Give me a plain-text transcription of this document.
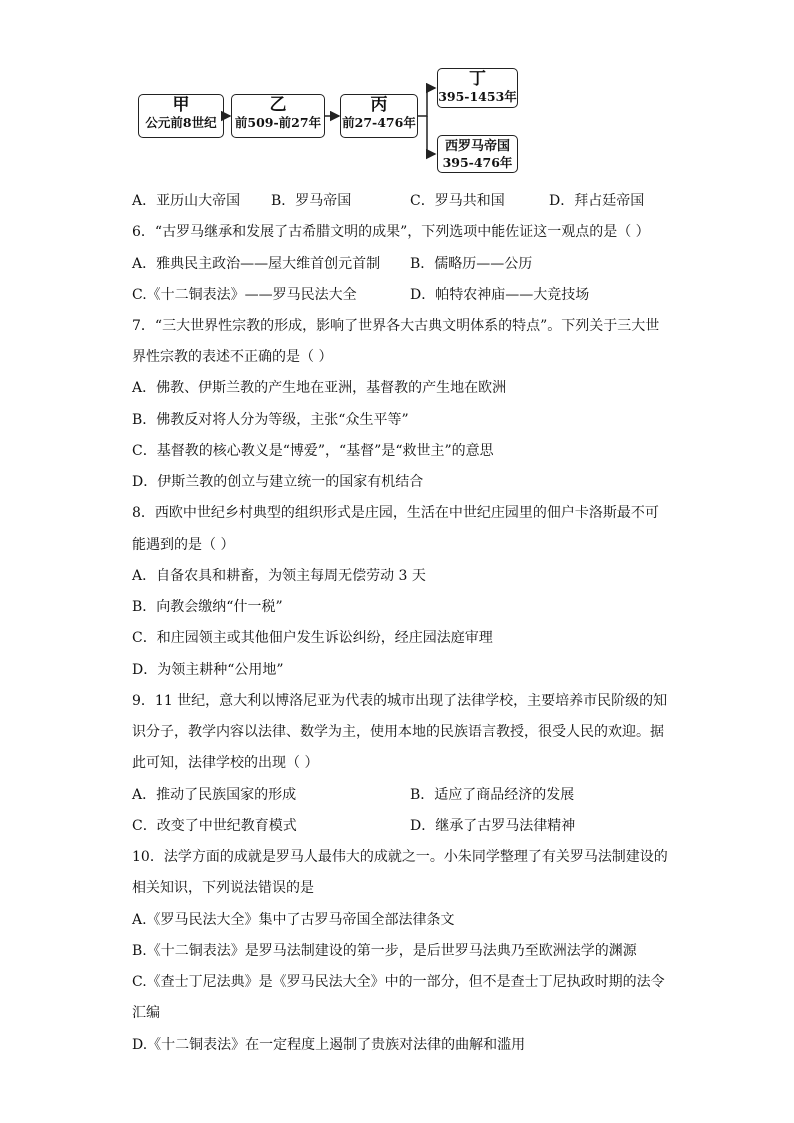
甲
公元前8世纪
乙
前509-前27年
丙
前27-476年
丁
395-1453年
西罗马帝国
395-476年
A．亚历山大帝国 B．罗马帝国	C．罗马共和国	D．拜占廷帝国
6．“古罗马继承和发展了古希腊文明的成果”，下列选项中能佐证这一观点的是（ ）
A．雅典民主政治——屋大维首创元首制 B．儒略历——公历
C.《十二铜表法》——罗马民法大全	D．帕特农神庙——大竞技场
7．“三大世界性宗教的形成，影响了世界各大古典文明体系的特点”。下列关于三大世
界性宗教的表述不正确的是（ ）
A．佛教、伊斯兰教的产生地在亚洲，基督教的产生地在欧洲
B．佛教反对将人分为等级，主张“众生平等”
C．基督教的核心教义是“博爱”，“基督”是“救世主”的意思
D．伊斯兰教的创立与建立统一的国家有机结合
8．西欧中世纪乡村典型的组织形式是庄园，生活在中世纪庄园里的佃户卡洛斯最不可
能遇到的是（ ）
A．自备农具和耕畜，为领主每周无偿劳动 3 天
B．向教会缴纳“什一税”
C．和庄园领主或其他佃户发生诉讼纠纷，经庄园法庭审理
D．为领主耕种“公用地”
9．11 世纪，意大利以博洛尼亚为代表的城市出现了法律学校，主要培养市民阶级的知
识分子，教学内容以法律、数学为主，使用本地的民族语言教授，很受人民的欢迎。据
此可知，法律学校的出现（ ）
A．推动了民族国家的形成	B．适应了商品经济的发展
C．改变了中世纪教育模式	D．继承了古罗马法律精神
10．法学方面的成就是罗马人最伟大的成就之一。小朱同学整理了有关罗马法制建设的
相关知识，下列说法错误的是
A.《罗马民法大全》集中了古罗马帝国全部法律条文
B.《十二铜表法》是罗马法制建设的第一步，是后世罗马法典乃至欧洲法学的渊源
C.《查士丁尼法典》是《罗马民法大全》中的一部分，但不是查士丁尼执政时期的法令
汇编
D.《十二铜表法》在一定程度上遏制了贵族对法律的曲解和滥用
